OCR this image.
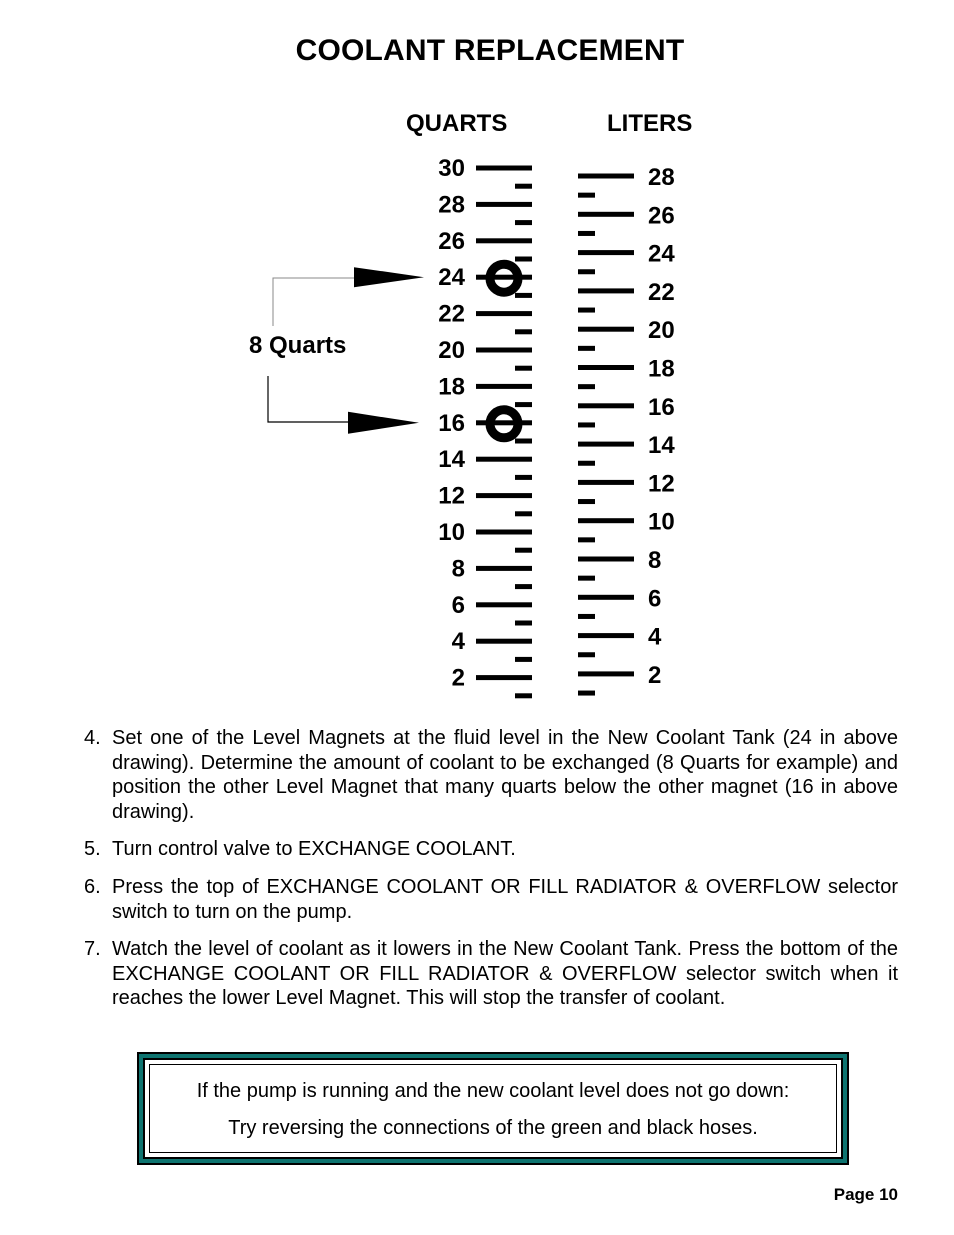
COOLANT REPLACEMENT
QUARTS	LITERS
30
28
26
24
22
20
18
16
14
12
10
8
6
4
2
28
26
24
22
20
18
16
14
12
10
8
6
4
2
8 Quarts
4. Set one of the Level Magnets at the fluid level in the New Coolant Tank (24 in above drawing). Determine the amount of coolant to be exchanged (8 Quarts for example) and position the other Level Magnet that many quarts below the other magnet (16 in above drawing).
5. Turn control valve to EXCHANGE COOLANT.
6. Press the top of EXCHANGE COOLANT OR FILL RADIATOR & OVERFLOW selector switch to turn on the pump.
7. Watch the level of coolant as it lowers in the New Coolant Tank. Press the bottom of the EXCHANGE COOLANT OR FILL RADIATOR & OVERFLOW selector switch when it reaches the lower Level Magnet. This will stop the transfer of coolant.
If the pump is running and the new coolant level does not go down:
Try reversing the connections of the green and black hoses.
Page 10
